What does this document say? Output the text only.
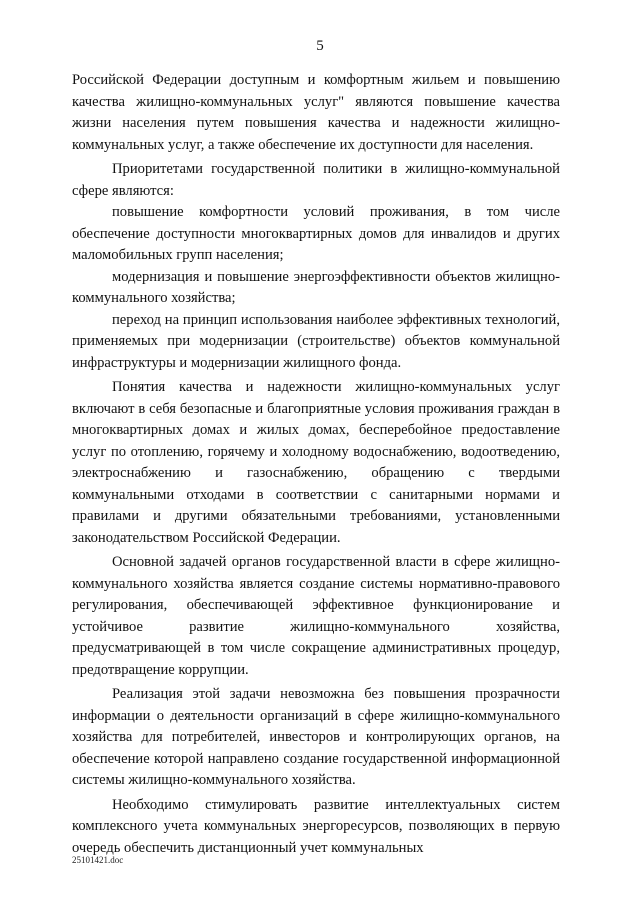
5

Российской Федерации доступным и комфортным жильем и повышению качества жилищно-коммунальных услуг" являются повышение качества жизни населения путем повышения качества и надежности жилищно-коммунальных услуг, а также обеспечение их доступности для населения.

Приоритетами государственной политики в жилищно-коммунальной сфере являются:

повышение комфортности условий проживания, в том числе обеспечение доступности многоквартирных домов для инвалидов и других маломобильных групп населения;

модернизация и повышение энергоэффективности объектов жилищно-коммунального хозяйства;

переход на принцип использования наиболее эффективных технологий, применяемых при модернизации (строительстве) объектов коммунальной инфраструктуры и модернизации жилищного фонда.

Понятия качества и надежности жилищно-коммунальных услуг включают в себя безопасные и благоприятные условия проживания граждан в многоквартирных домах и жилых домах, бесперебойное предоставление услуг по отоплению, горячему и холодному водоснабжению, водоотведению, электроснабжению и газоснабжению, обращению с твердыми коммунальными отходами в соответствии с санитарными нормами и правилами и другими обязательными требованиями, установленными законодательством Российской Федерации.

Основной задачей органов государственной власти в сфере жилищно-коммунального хозяйства является создание системы нормативно-правового регулирования, обеспечивающей эффективное функционирование и устойчивое развитие жилищно-коммунального хозяйства, предусматривающей в том числе сокращение административных процедур, предотвращение коррупции.

Реализация этой задачи невозможна без повышения прозрачности информации о деятельности организаций в сфере жилищно-коммунального хозяйства для потребителей, инвесторов и контролирующих органов, на обеспечение которой направлено создание государственной информационной системы жилищно-коммунального хозяйства.

Необходимо стимулировать развитие интеллектуальных систем комплексного учета коммунальных энергоресурсов, позволяющих в первую очередь обеспечить дистанционный учет коммунальных

25101421.doc
